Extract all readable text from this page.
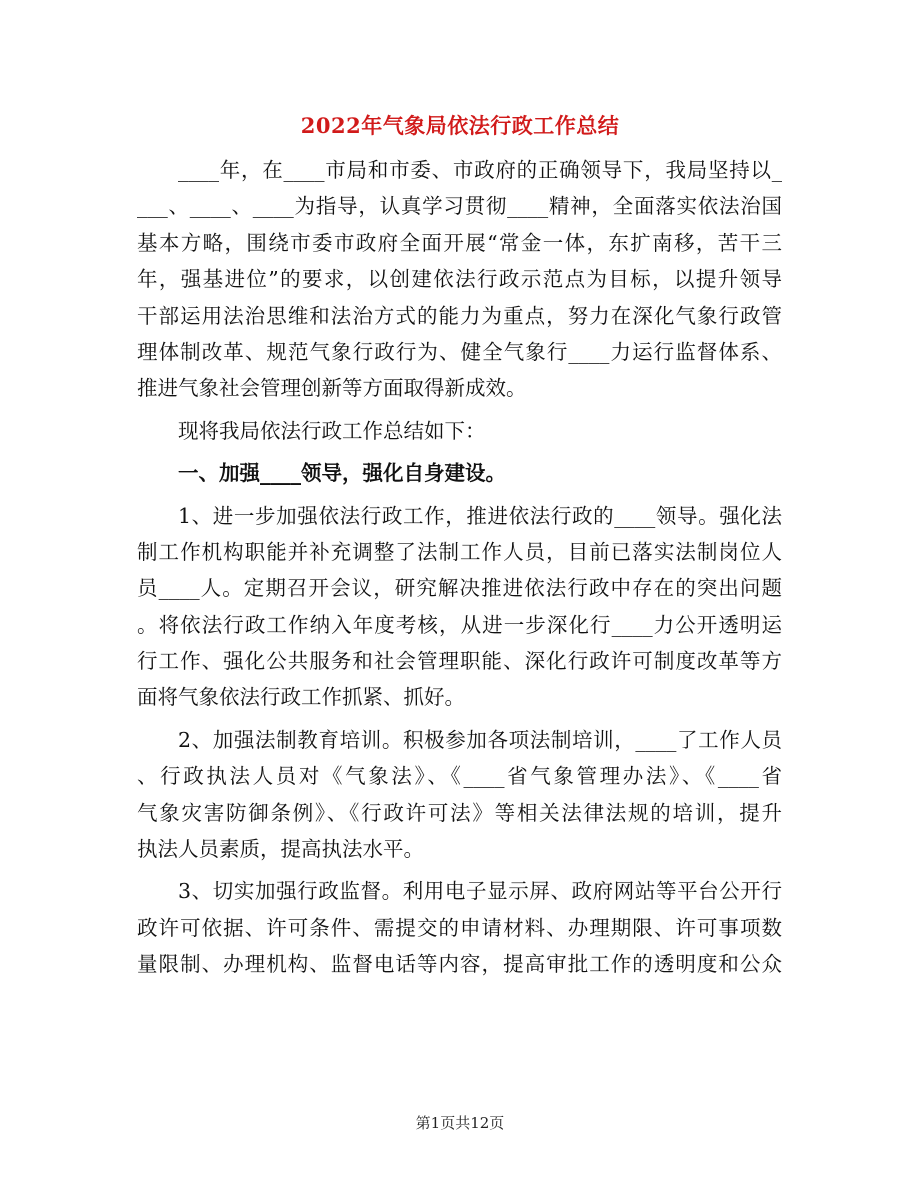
2022年气象局依法行政工作总结
____年，在____市局和市委、市政府的正确领导下，我局坚持以_
___、____、____为指导，认真学习贯彻____精神，全面落实依法治国
基本方略，围绕市委市政府全面开展“常金一体，东扩南移，苦干三
年，强基进位”的要求，以创建依法行政示范点为目标，以提升领导
干部运用法治思维和法治方式的能力为重点，努力在深化气象行政管
理体制改革、规范气象行政行为、健全气象行____力运行监督体系、
推进气象社会管理创新等方面取得新成效。
现将我局依法行政工作总结如下：
一、加强____领导，强化自身建设。
1、进一步加强依法行政工作，推进依法行政的____领导。强化法
制工作机构职能并补充调整了法制工作人员，目前已落实法制岗位人
员____人。定期召开会议，研究解决推进依法行政中存在的突出问题
。将依法行政工作纳入年度考核，从进一步深化行____力公开透明运
行工作、强化公共服务和社会管理职能、深化行政许可制度改革等方
面将气象依法行政工作抓紧、抓好。
2、加强法制教育培训。积极参加各项法制培训，____了工作人员
、行政执法人员对《气象法》、《____省气象管理办法》、《____省
气象灾害防御条例》、《行政许可法》等相关法律法规的培训，提升
执法人员素质，提高执法水平。
3、切实加强行政监督。利用电子显示屏、政府网站等平台公开行
政许可依据、许可条件、需提交的申请材料、办理期限、许可事项数
量限制、办理机构、监督电话等内容，提高审批工作的透明度和公众
第1页共12页
